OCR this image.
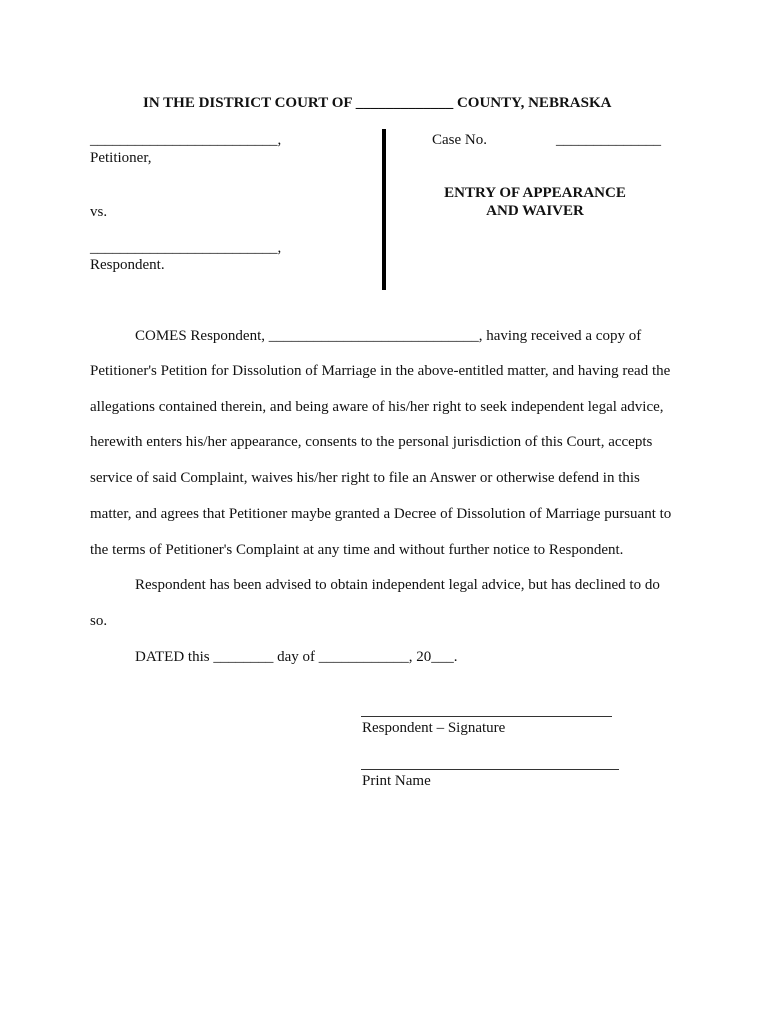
IN THE DISTRICT COURT OF _____________ COUNTY, NEBRASKA
_________________________,
Petitioner,
vs.
_________________________,
Respondent.
Case No.	______________
ENTRY OF APPEARANCE
AND WAIVER
COMES Respondent, ____________________________, having received a copy of
Petitioner's Petition for Dissolution of Marriage in the above-entitled matter, and having read the
allegations contained therein, and being aware of his/her right to seek independent legal advice,
herewith enters his/her appearance, consents to the personal jurisdiction of this Court, accepts
service of said Complaint, waives his/her right to file an Answer or otherwise defend in this
matter, and agrees that Petitioner maybe granted a Decree of Dissolution of Marriage pursuant to
the terms of Petitioner's Complaint at any time and without further notice to Respondent.
Respondent has been advised to obtain independent legal advice, but has declined to do
so.
DATED this ________ day of ____________, 20___.
Respondent – Signature
Print Name
